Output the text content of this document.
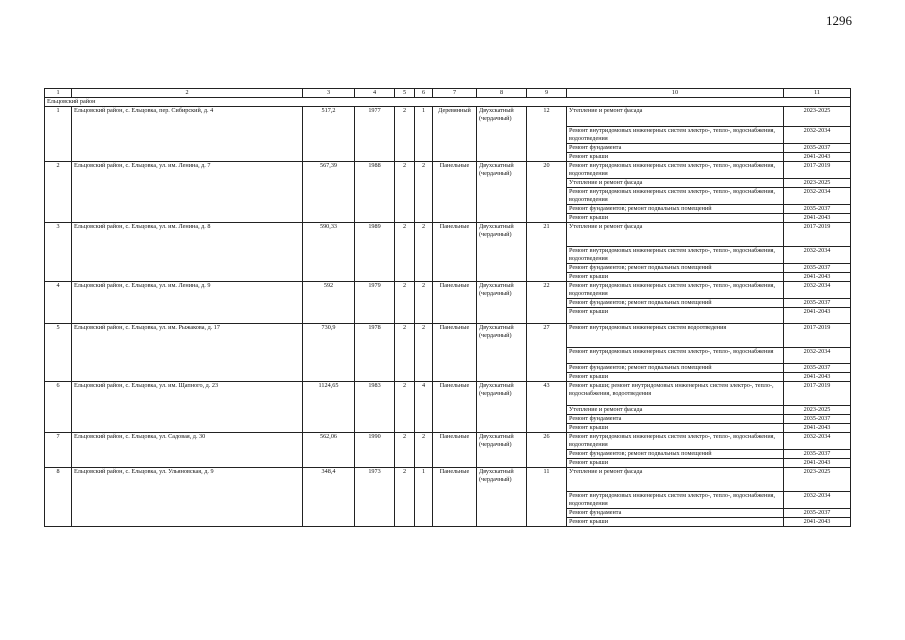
1296
1	2	3	4	5	6	7	8	9	10	11
Ельцовский район										
1	Ельцовский район, с. Ельцовка, пер. Сибирский, д. 4	517,2	1977	2	1	Деревянный	Двухскатный (чердачный)	12	Утепление и ремонт фасада	2023-2025
									Ремонт внутридомовых инженерных систем электро-, тепло-, водоснабжения, водоотведения	2032-2034
									Ремонт фундамента	2035-2037
									Ремонт крыши	2041-2043
2	Ельцовский район, с. Ельцовка, ул. им. Ленина, д. 7	567,39	1988	2	2	Панельные	Двухскатный (чердачный)	20	Ремонт внутридомовых инженерных систем электро-, тепло-, водоснабжения, водоотведения	2017-2019
									Утепление и ремонт фасада	2023-2025
									Ремонт внутридомовых инженерных систем электро-, тепло-, водоснабжения, водоотведения	2032-2034
									Ремонт фундаментов; ремонт подвальных помещений	2035-2037
									Ремонт крыши	2041-2043
3	Ельцовский район, с. Ельцовка, ул. им. Ленина, д. 8	590,33	1989	2	2	Панельные	Двухскатный (чердачный)	21	Утепление и ремонт фасада	2017-2019
									Ремонт внутридомовых инженерных систем электро-, тепло-, водоснабжения, водоотведения	2032-2034
									Ремонт фундаментов; ремонт подвальных помещений	2035-2037
									Ремонт крыши	2041-2043
4	Ельцовский район, с. Ельцовка, ул. им. Ленина, д. 9	592	1979	2	2	Панельные	Двухскатный (чердачный)	22	Ремонт внутридомовых инженерных систем электро-, тепло-, водоснабжения, водоотведения	2032-2034
									Ремонт фундаментов; ремонт подвальных помещений	2035-2037
									Ремонт крыши	2041-2043
5	Ельцовский район, с. Ельцовка, ул. им. Рыжакова, д. 17	730,9	1978	2	2	Панельные	Двухскатный (чердачный)	27	Ремонт внутридомовых инженерных систем водоотведения	2017-2019
									Ремонт внутридомовых инженерных систем электро-, тепло-, водоснабжения	2032-2034
									Ремонт фундаментов; ремонт подвальных помещений	2035-2037
									Ремонт крыши	2041-2043
6	Ельцовский район, с. Ельцовка, ул. им. Щапного, д. 23	1124,65	1983	2	4	Панельные	Двухскатный (чердачный)	43	Ремонт крыши; ремонт внутридомовых инженерных систем электро-, тепло-, водоснабжения, водоотведения	2017-2019
									Утепление и ремонт фасада	2023-2025
									Ремонт фундамента	2035-2037
									Ремонт крыши	2041-2043
7	Ельцовский район, с. Ельцовка, ул. Садовая, д. 30	562,06	1990	2	2	Панельные	Двухскатный (чердачный)	26	Ремонт внутридомовых инженерных систем электро-, тепло-, водоснабжения, водоотведения	2032-2034
									Ремонт фундаментов; ремонт подвальных помещений	2035-2037
									Ремонт крыши	2041-2043
8	Ельцовский район, с. Ельцовка, ул. Ульяновская, д. 9	348,4	1973	2	1	Панельные	Двухскатный (чердачный)	11	Утепление и ремонт фасада	2023-2025
									Ремонт внутридомовых инженерных систем электро-, тепло-, водоснабжения, водоотведения	2032-2034
									Ремонт фундамента	2035-2037
									Ремонт крыши	2041-2043
